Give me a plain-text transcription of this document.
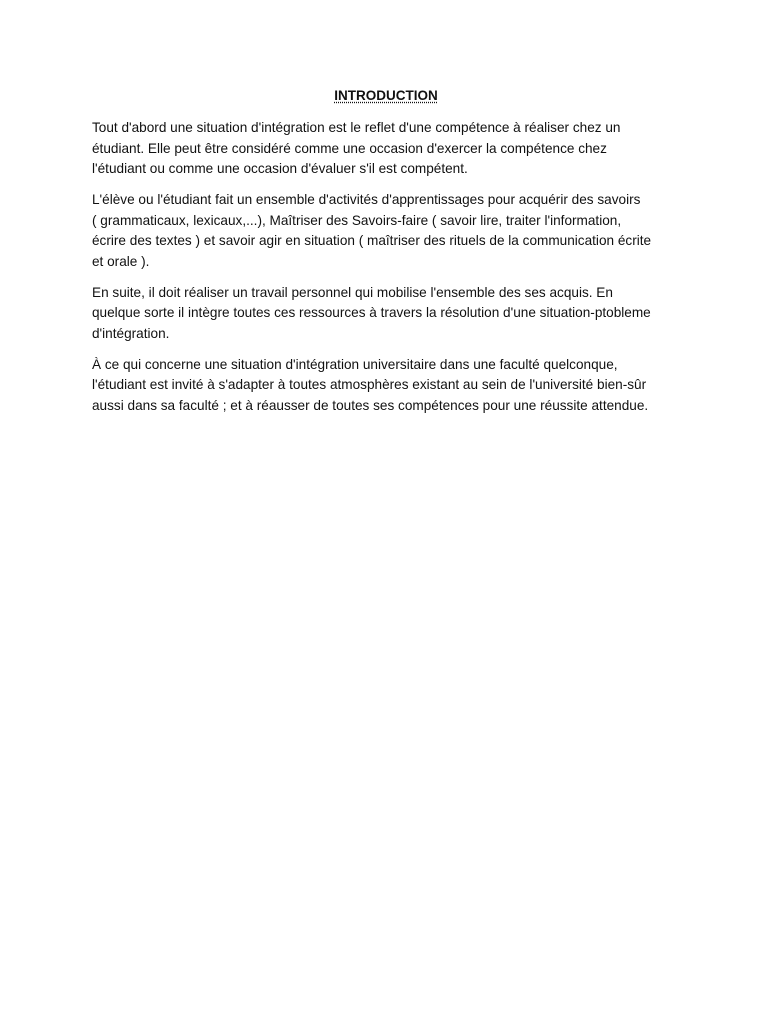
INTRODUCTION

Tout d'abord une situation d'intégration est le reflet d'une compétence à réaliser chez un
étudiant. Elle peut être considéré comme une occasion d'exercer la compétence chez
l'étudiant ou comme une occasion d'évaluer s'il est compétent.

L'élève ou l'étudiant fait un ensemble d'activités d'apprentissages pour acquérir des savoirs
( grammaticaux, lexicaux,...), Maîtriser des Savoirs-faire ( savoir lire, traiter l'information,
écrire des textes ) et savoir agir en situation ( maîtriser des rituels de la communication écrite
et orale ).

En suite, il doit réaliser un travail personnel qui mobilise l'ensemble des ses acquis. En
quelque sorte il intègre toutes ces ressources à travers la résolution d'une situation-ptobleme
d'intégration.

À ce qui concerne une situation d'intégration universitaire dans une faculté quelconque,
l'étudiant est invité à s'adapter à toutes atmosphères existant au sein de l'université bien-sûr
aussi dans sa faculté ; et à réausser de toutes ses compétences pour une réussite attendue.
